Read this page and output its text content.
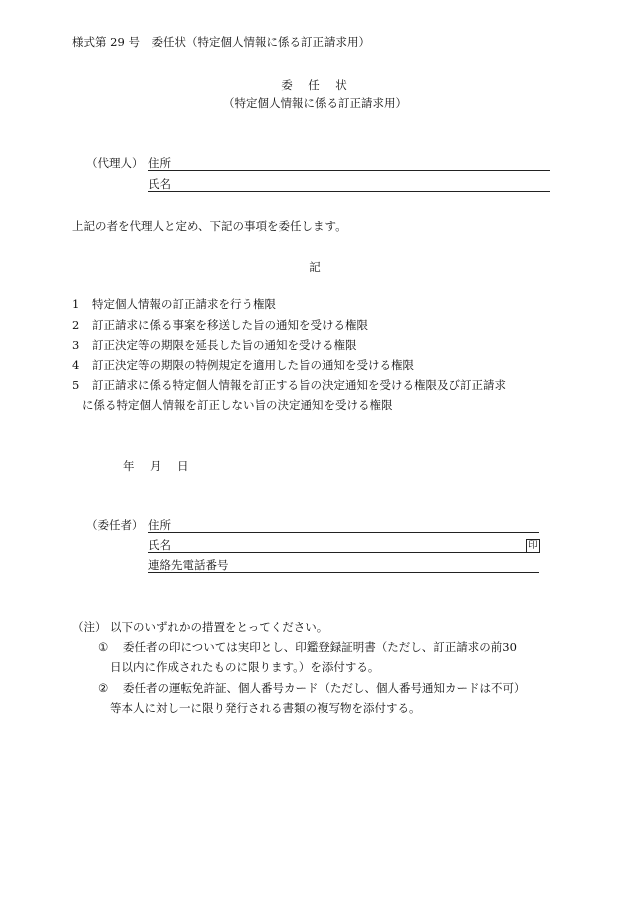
様式第 29 号　委任状（特定個人情報に係る訂正請求用）
委　任　状
（特定個人情報に係る訂正請求用）
（代理人） 住所
氏名
上記の者を代理人と定め、下記の事項を委任します。
記
1 特定個人情報の訂正請求を行う権限
2 訂正請求に係る事案を移送した旨の通知を受ける権限
3 訂正決定等の期限を延長した旨の通知を受ける権限
4 訂正決定等の期限の特例規定を適用した旨の通知を受ける権限
5 訂正請求に係る特定個人情報を訂正する旨の決定通知を受ける権限及び訂正請求
に係る特定個人情報を訂正しない旨の決定通知を受ける権限
年　月　日
（委任者） 住所
氏名	印
連絡先電話番号
（注） 以下のいずれかの措置をとってください。
① 委任者の印については実印とし、印鑑登録証明書（ただし、訂正請求の前30
日以内に作成されたものに限ります。）を添付する。
② 委任者の運転免許証、個人番号カード（ただし、個人番号通知カードは不可）
等本人に対し一に限り発行される書類の複写物を添付する。
